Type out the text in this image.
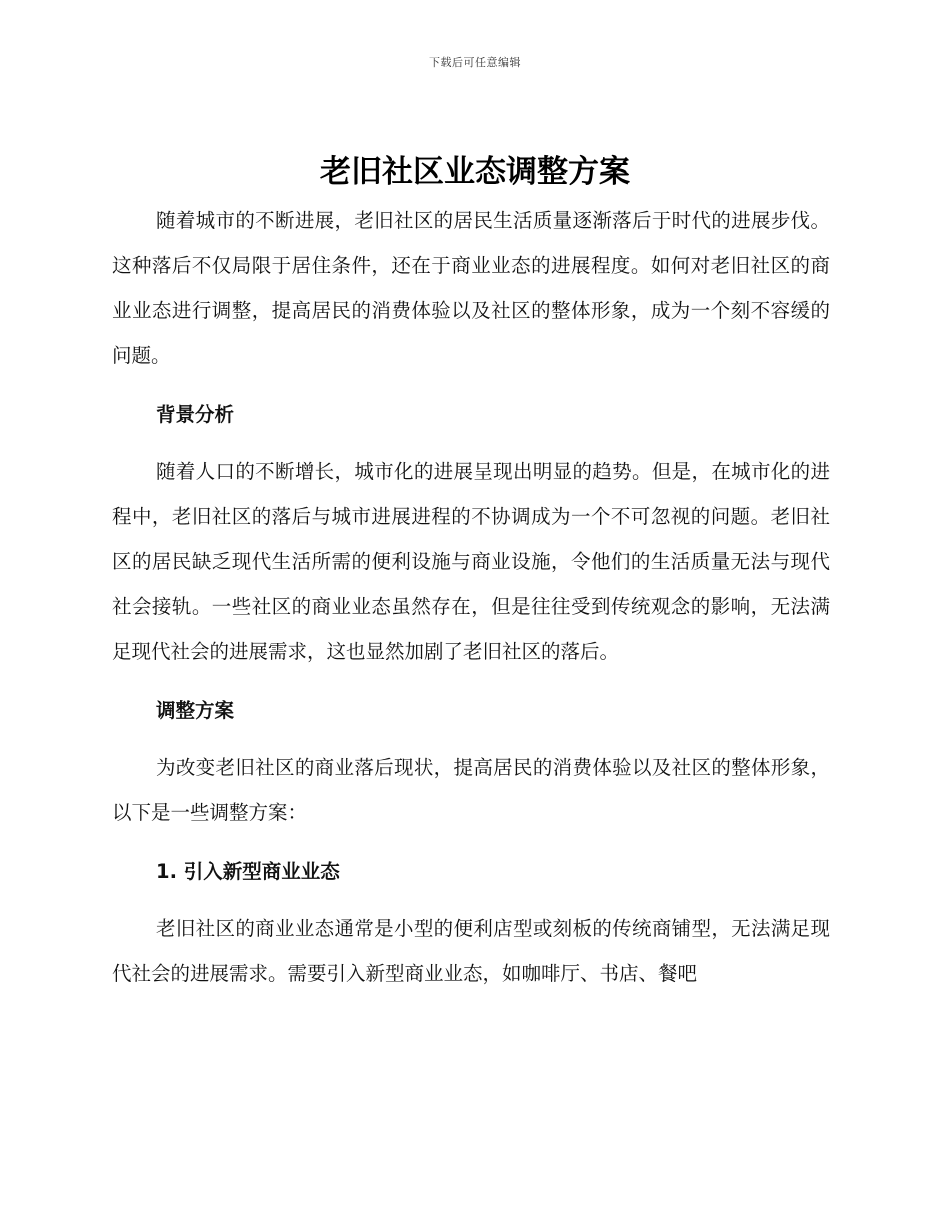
下载后可任意编辑
老旧社区业态调整方案

随着城市的不断进展，老旧社区的居民生活质量逐渐落后于时代的进展步伐。这种落后不仅局限于居住条件，还在于商业业态的进展程度。如何对老旧社区的商业业态进行调整，提高居民的消费体验以及社区的整体形象，成为一个刻不容缓的问题。

背景分析

随着人口的不断增长，城市化的进展呈现出明显的趋势。但是，在城市化的进程中，老旧社区的落后与城市进展进程的不协调成为一个不可忽视的问题。老旧社区的居民缺乏现代生活所需的便利设施与商业设施，令他们的生活质量无法与现代社会接轨。一些社区的商业业态虽然存在，但是往往受到传统观念的影响，无法满足现代社会的进展需求，这也显然加剧了老旧社区的落后。

调整方案

为改变老旧社区的商业落后现状，提高居民的消费体验以及社区的整体形象，以下是一些调整方案：

1. 引入新型商业业态

老旧社区的商业业态通常是小型的便利店型或刻板的传统商铺型，无法满足现代社会的进展需求。需要引入新型商业业态，如咖啡厅、书店、餐吧
